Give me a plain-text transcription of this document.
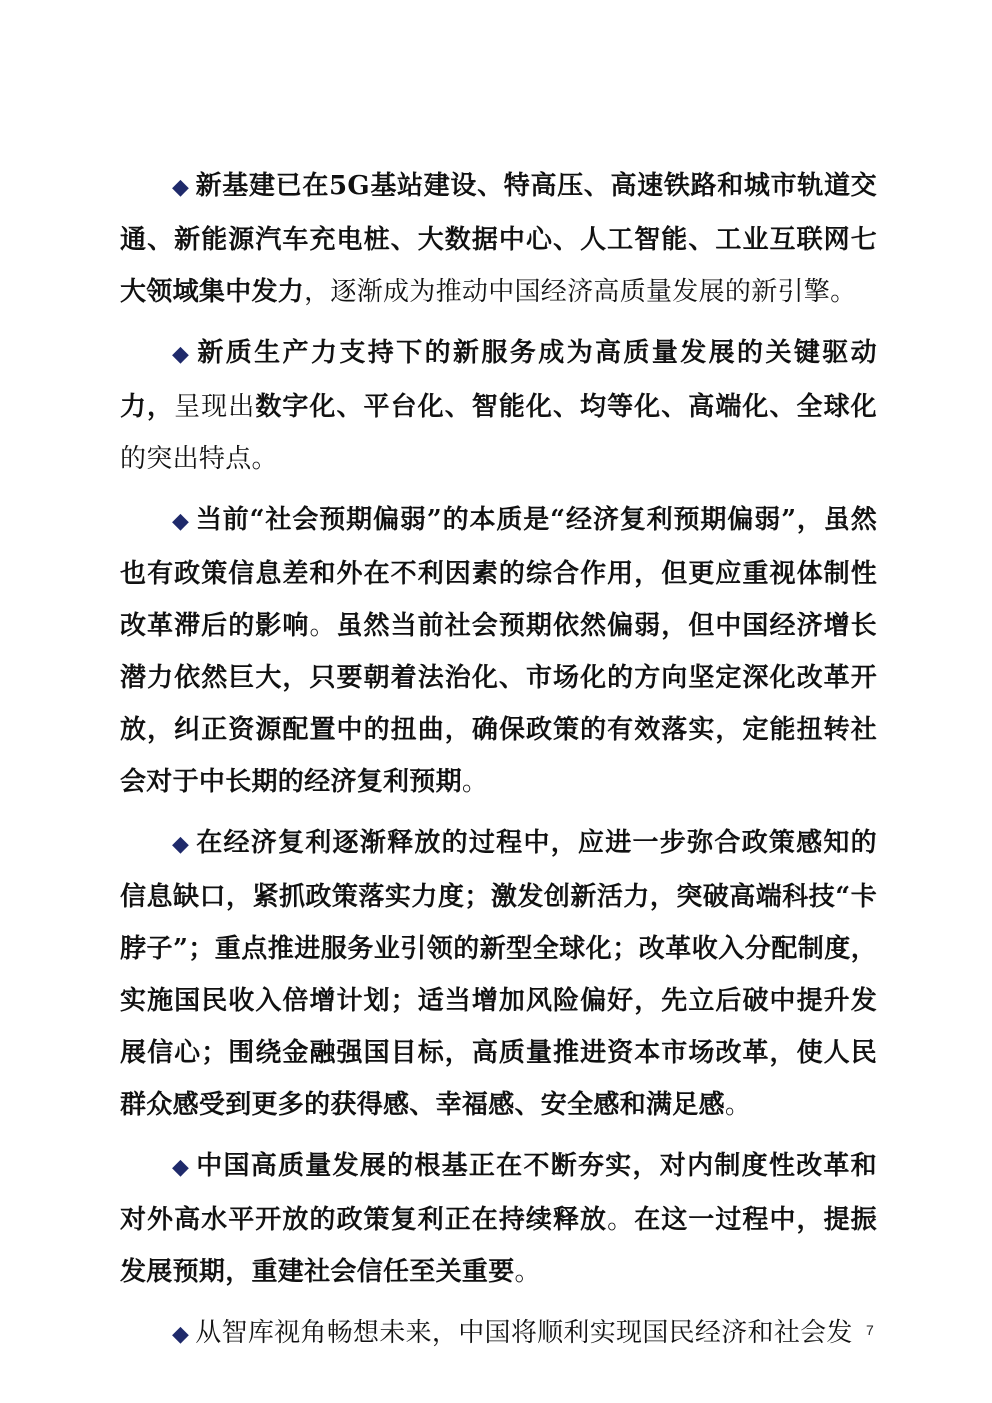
◆ 新基建已在5G基站建设、特高压、高速铁路和城市轨道交通、新能源汽车充电桩、大数据中心、人工智能、工业互联网七大领域集中发力，逐渐成为推动中国经济高质量发展的新引擎。

◆ 新质生产力支持下的新服务成为高质量发展的关键驱动力，呈现出数字化、平台化、智能化、均等化、高端化、全球化的突出特点。

◆ 当前“社会预期偏弱”的本质是“经济复利预期偏弱”，虽然也有政策信息差和外在不利因素的综合作用，但更应重视体制性改革滞后的影响。虽然当前社会预期依然偏弱，但中国经济增长潜力依然巨大，只要朝着法治化、市场化的方向坚定深化改革开放，纠正资源配置中的扭曲，确保政策的有效落实，定能扭转社会对于中长期的经济复利预期。

◆ 在经济复利逐渐释放的过程中，应进一步弥合政策感知的信息缺口，紧抓政策落实力度；激发创新活力，突破高端科技“卡脖子”；重点推进服务业引领的新型全球化；改革收入分配制度，实施国民收入倍增计划；适当增加风险偏好，先立后破中提升发展信心；围绕金融强国目标，高质量推进资本市场改革，使人民群众感受到更多的获得感、幸福感、安全感和满足感。

◆ 中国高质量发展的根基正在不断夯实，对内制度性改革和对外高水平开放的政策复利正在持续释放。在这一过程中，提振发展预期，重建社会信任至关重要。

◆ 从智库视角畅想未来，中国将顺利实现国民经济和社会发 7
